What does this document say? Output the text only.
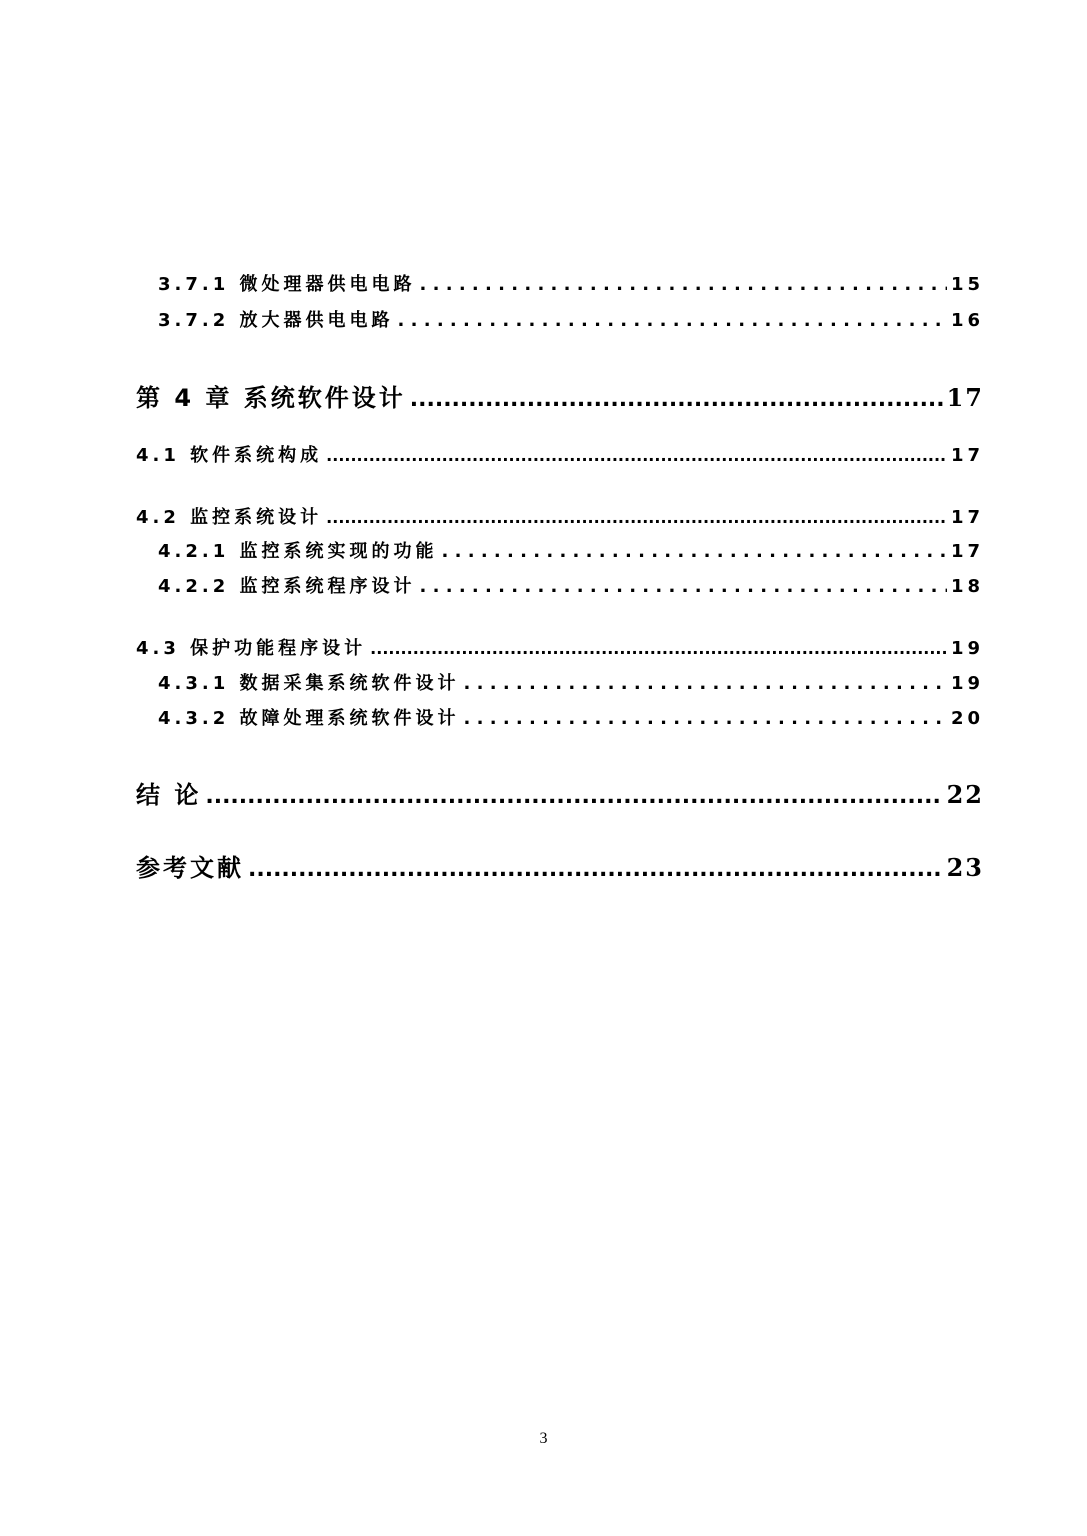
3.7.1 微处理器供电电路 . . .	15
3.7.2 放大器供电电路 . . .	16
第 4 章 系统软件设计 .....	17
4.1 软件系统构成 .....	17
4.2 监控系统设计 .....	17
4.2.1 监控系统实现的功能 . . .	17
4.2.2 监控系统程序设计 . . .	18
4.3 保护功能程序设计 .....	19
4.3.1 数据采集系统软件设计 . . .	19
4.3.2 故障处理系统软件设计 . . .	20
结 论 .....	22
参考文献 .....	23
3
